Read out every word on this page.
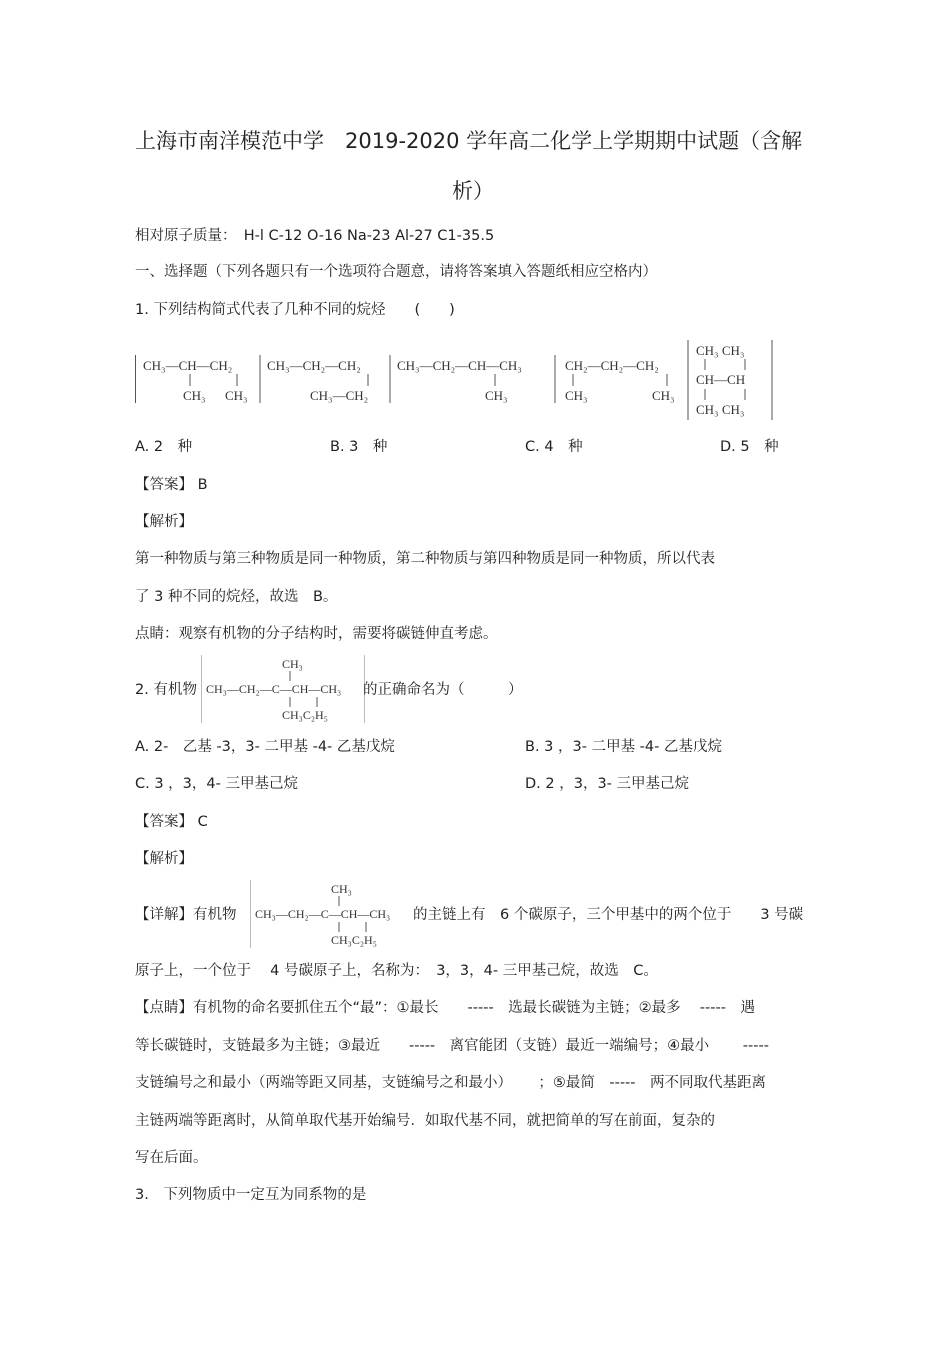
上海市南洋模范中学　2019-2020 学年高二化学上学期期中试题（含解
析）
相对原子质量：　H-l C-12 O-16 Na-23 Al-27 C1-35.5
一、选择题（下列各题只有一个选项符合题意，请将答案填入答题纸相应空格内）
1. 下列结构简式代表了几种不同的烷烃　　(　　)
CH₃—CH—CH₂
CH₃ CH₃
CH₃—CH₂—CH₂
CH₃—CH₂
CH₃—CH₂—CH—CH₃
CH₃
CH₂—CH₂—CH₂
CH₃	CH₃
CH₃ CH₃
CH—CH
CH₃ CH₃
A. 2　种	B. 3　种	C. 4　种	D. 5　种
【答案】 B
【解析】
第一种物质与第三种物质是同一种物质，第二种物质与第四种物质是同一种物质，所以代表
了 3 种不同的烷烃，故选　B。
点睛：观察有机物的分子结构时，需要将碳链伸直考虑。
2. 有机物
CH₃
CH₃—CH₂—C—CH—CH₃
CH₃C₂H₅
的正确命名为（　　　）
A. 2-　乙基 -3，3- 二甲基 -4- 乙基戊烷	B. 3 ，3- 二甲基 -4- 乙基戊烷
C. 3 ，3，4- 三甲基己烷	D. 2 ，3，3- 三甲基己烷
【答案】 C
【解析】
【详解】有机物
CH₃
CH₃—CH₂—C—CH—CH₃
CH₃C₂H₅
的主链上有　6 个碳原子，三个甲基中的两个位于　　3 号碳
原子上，一个位于　 4 号碳原子上，名称为：　3，3，4- 三甲基己烷，故选　C。
【点睛】有机物的命名要抓住五个“最”：①最长　　-----　选最长碳链为主链；②最多　 -----　遇
等长碳链时，支链最多为主链；③最近　　-----　离官能团（支链）最近一端编号；④最小　　 -----
支链编号之和最小（两端等距又同基，支链编号之和最小）　　 ；⑤最简　-----　两不同取代基距离
主链两端等距离时，从简单取代基开始编号．如取代基不同，就把简单的写在前面，复杂的
写在后面。
3.　下列物质中一定互为同系物的是
